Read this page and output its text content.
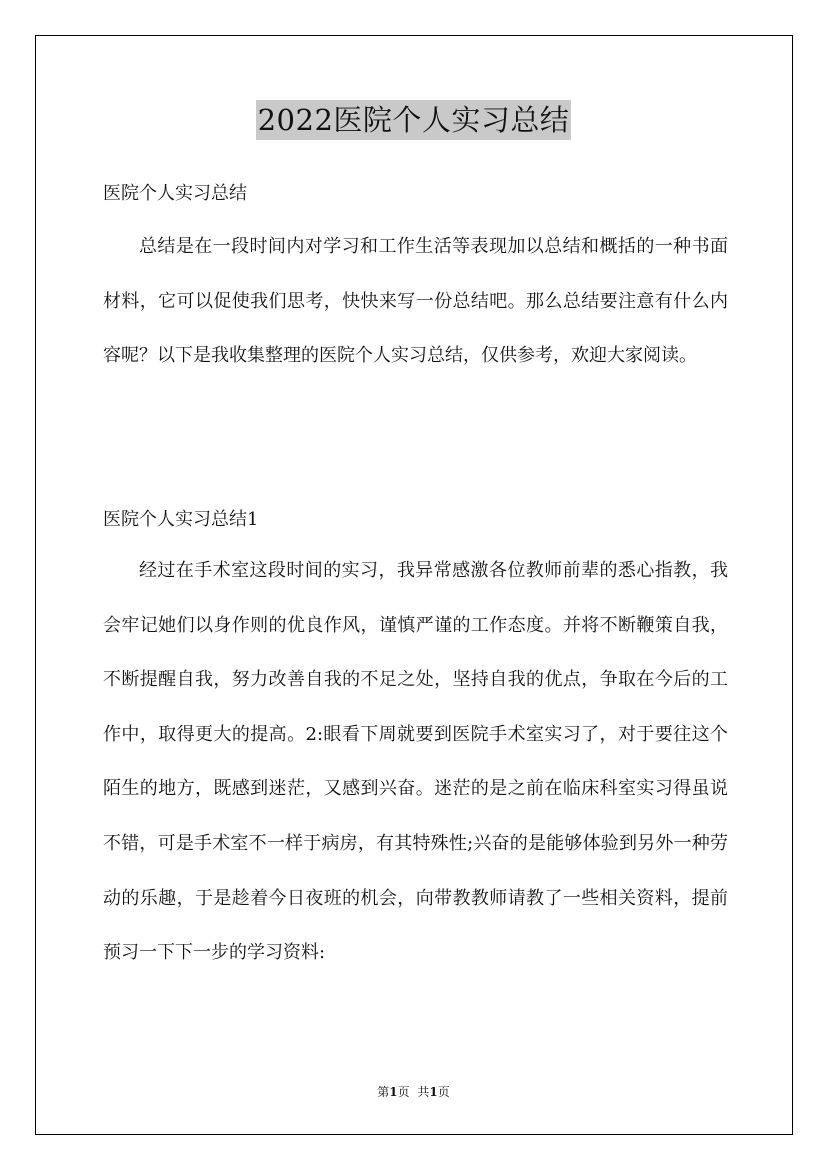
2022医院个人实习总结
医院个人实习总结
总结是在一段时间内对学习和工作生活等表现加以总结和概括的一种书面材料，它可以促使我们思考，快快来写一份总结吧。那么总结要注意有什么内容呢？以下是我收集整理的医院个人实习总结，仅供参考，欢迎大家阅读。
医院个人实习总结1
经过在手术室这段时间的实习，我异常感激各位教师前辈的悉心指教，我会牢记她们以身作则的优良作风，谨慎严谨的工作态度。并将不断鞭策自我，不断提醒自我，努力改善自我的不足之处，坚持自我的优点，争取在今后的工作中，取得更大的提高。2:眼看下周就要到医院手术室实习了，对于要往这个陌生的地方，既感到迷茫，又感到兴奋。迷茫的是之前在临床科室实习得虽说不错，可是手术室不一样于病房，有其特殊性;兴奋的是能够体验到另外一种劳动的乐趣，于是趁着今日夜班的机会，向带教教师请教了一些相关资料，提前预习一下下一步的学习资料:
第1页 共1页
